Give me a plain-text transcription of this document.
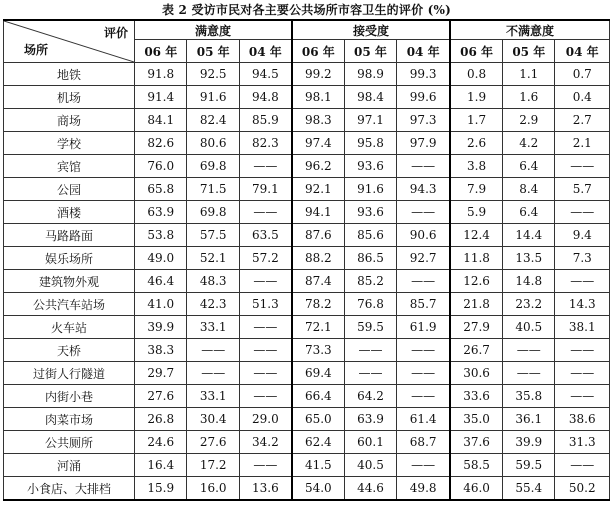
表 2 受访市民对各主要公共场所市容卫生的评价 (%)
评价
场所	满意度			接受度			不满意度		
	06 年	05 年	04 年	06 年	05 年	04 年	06 年	05 年	04 年
地铁	91.8	92.5	94.5	99.2	98.9	99.3	0.8	1.1	0.7
机场	91.4	91.6	94.8	98.1	98.4	99.6	1.9	1.6	0.4
商场	84.1	82.4	85.9	98.3	97.1	97.3	1.7	2.9	2.7
学校	82.6	80.6	82.3	97.4	95.8	97.9	2.6	4.2	2.1
宾馆	76.0	69.8	——	96.2	93.6	——	3.8	6.4	——
公园	65.8	71.5	79.1	92.1	91.6	94.3	7.9	8.4	5.7
酒楼	63.9	69.8	——	94.1	93.6	——	5.9	6.4	——
马路路面	53.8	57.5	63.5	87.6	85.6	90.6	12.4	14.4	9.4
娱乐场所	49.0	52.1	57.2	88.2	86.5	92.7	11.8	13.5	7.3
建筑物外观	46.4	48.3	——	87.4	85.2	——	12.6	14.8	——
公共汽车站场	41.0	42.3	51.3	78.2	76.8	85.7	21.8	23.2	14.3
火车站	39.9	33.1	——	72.1	59.5	61.9	27.9	40.5	38.1
天桥	38.3	——	——	73.3	——	——	26.7	——	——
过街人行隧道	29.7	——	——	69.4	——	——	30.6	——	——
内街小巷	27.6	33.1	——	66.4	64.2	——	33.6	35.8	——
肉菜市场	26.8	30.4	29.0	65.0	63.9	61.4	35.0	36.1	38.6
公共厕所	24.6	27.6	34.2	62.4	60.1	68.7	37.6	39.9	31.3
河涌	16.4	17.2	——	41.5	40.5	——	58.5	59.5	——
小食店、大排档	15.9	16.0	13.6	54.0	44.6	49.8	46.0	55.4	50.2
